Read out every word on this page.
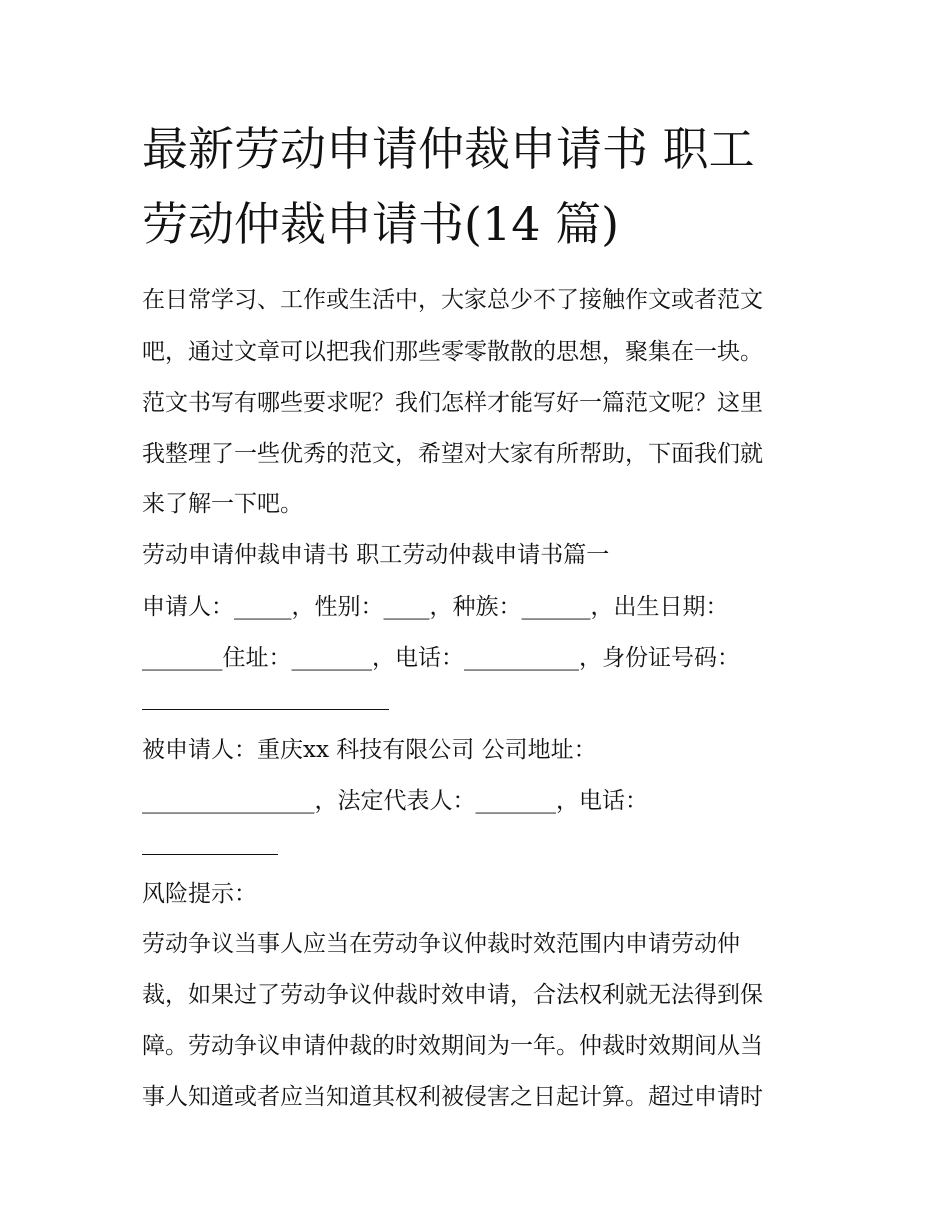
最新劳动申请仲裁申请书 职工
劳动仲裁申请书(14 篇)

在日常学习、工作或生活中，大家总少不了接触作文或者范文

吧，通过文章可以把我们那些零零散散的思想，聚集在一块。

范文书写有哪些要求呢？我们怎样才能写好一篇范文呢？这里

我整理了一些优秀的范文，希望对大家有所帮助，下面我们就

来了解一下吧。

劳动申请仲裁申请书 职工劳动仲裁申请书篇一

申请人：_____，性别：____，种族：______，出生日期：

_______住址：_______，电话：__________，身份证号码：

被申请人：重庆xx 科技有限公司 公司地址：

_______________，法定代表人：_______，电话：

风险提示：

劳动争议当事人应当在劳动争议仲裁时效范围内申请劳动仲

裁，如果过了劳动争议仲裁时效申请，合法权利就无法得到保

障。劳动争议申请仲裁的时效期间为一年。仲裁时效期间从当

事人知道或者应当知道其权利被侵害之日起计算。超过申请时
